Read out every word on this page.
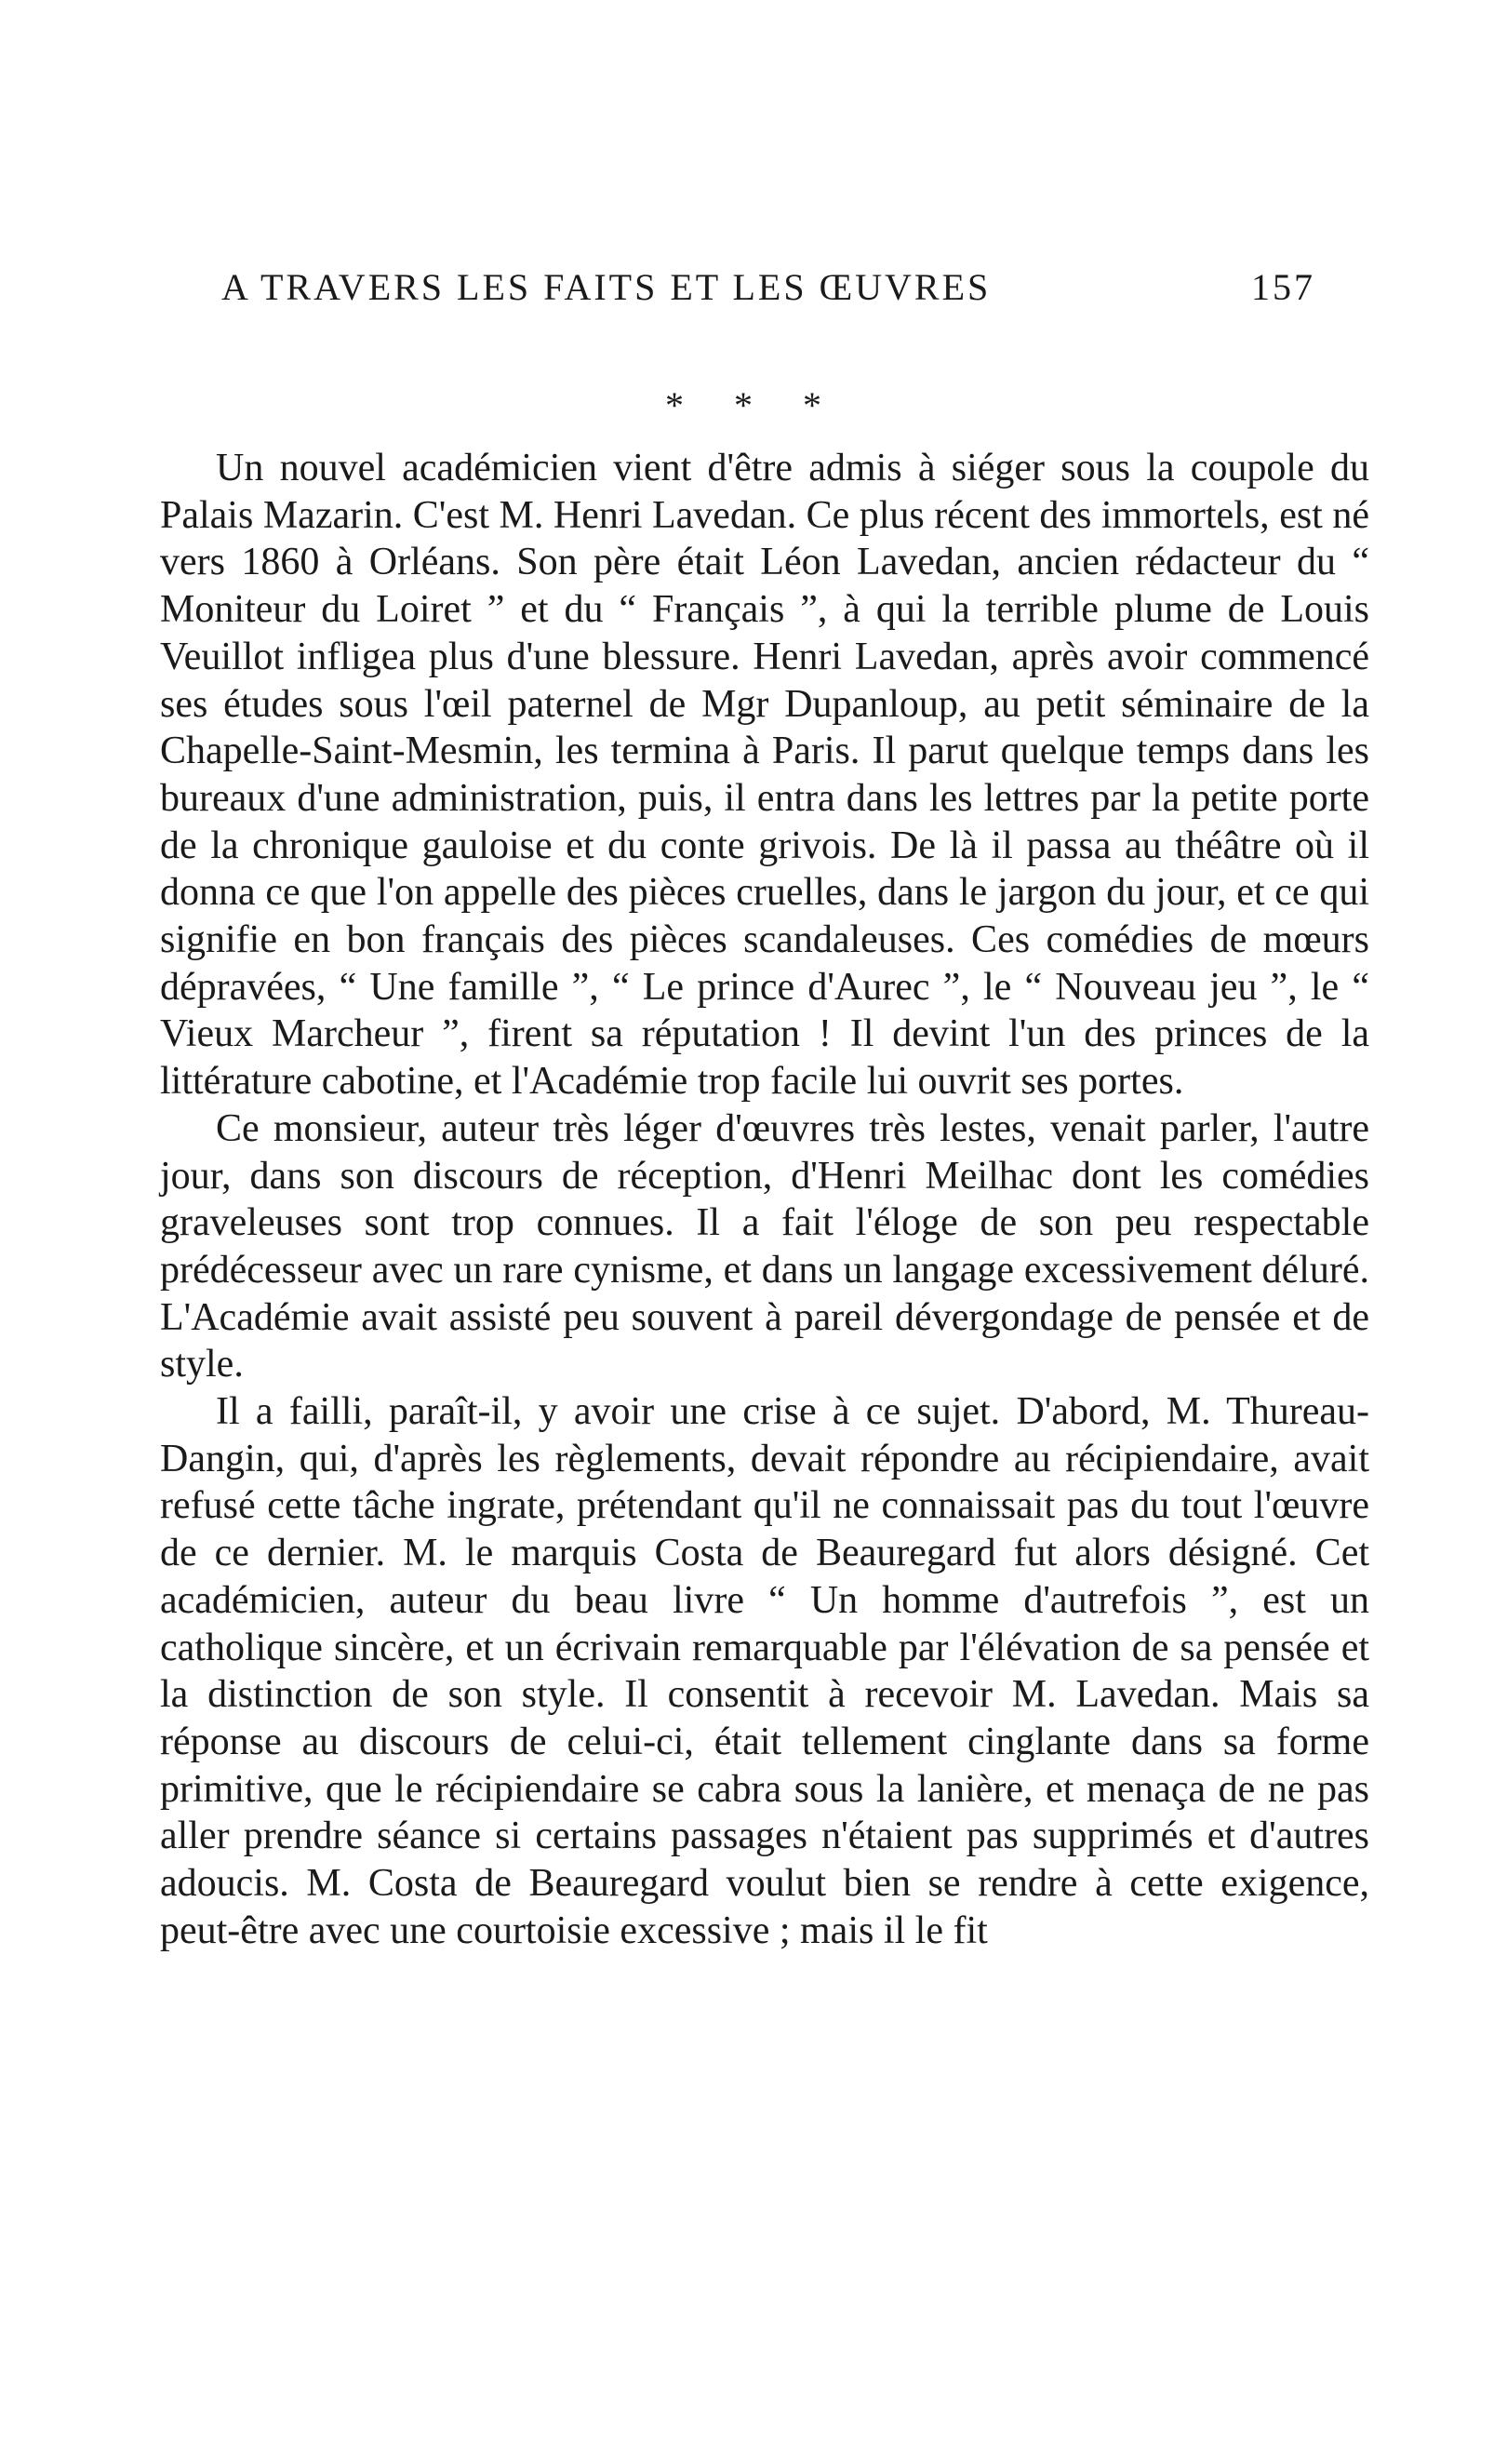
A TRAVERS LES FAITS ET LES ŒUVRES	157
* * *

Un nouvel académicien vient d'être admis à siéger sous la coupole du Palais Mazarin. C'est M. Henri Lavedan. Ce plus récent des immortels, est né vers 1860 à Orléans. Son père était Léon Lavedan, ancien rédacteur du “ Moniteur du Loiret ” et du “ Français ”, à qui la terrible plume de Louis Veuillot infligea plus d'une blessure. Henri Lavedan, après avoir commencé ses études sous l'œil paternel de Mgr Dupanloup, au petit séminaire de la Chapelle-Saint-Mesmin, les termina à Paris. Il parut quelque temps dans les bureaux d'une administration, puis, il entra dans les lettres par la petite porte de la chronique gauloise et du conte grivois. De là il passa au théâtre où il donna ce que l'on appelle des pièces cruelles, dans le jargon du jour, et ce qui signifie en bon français des pièces scandaleuses. Ces comédies de mœurs dépravées, “ Une famille ”, “ Le prince d'Aurec ”, le “ Nouveau jeu ”, le “ Vieux Marcheur ”, firent sa réputation ! Il devint l'un des princes de la littérature cabotine, et l'Académie trop facile lui ouvrit ses portes.

Ce monsieur, auteur très léger d'œuvres très lestes, venait parler, l'autre jour, dans son discours de réception, d'Henri Meilhac dont les comédies graveleuses sont trop connues. Il a fait l'éloge de son peu respectable prédécesseur avec un rare cynisme, et dans un langage excessivement déluré. L'Académie avait assisté peu souvent à pareil dévergondage de pensée et de style.

Il a failli, paraît-il, y avoir une crise à ce sujet. D'abord, M. Thureau-Dangin, qui, d'après les règlements, devait répondre au récipiendaire, avait refusé cette tâche ingrate, prétendant qu'il ne connaissait pas du tout l'œuvre de ce dernier. M. le marquis Costa de Beauregard fut alors désigné. Cet académicien, auteur du beau livre “ Un homme d'autrefois ”, est un catholique sincère, et un écrivain remarquable par l'élévation de sa pensée et la distinction de son style. Il consentit à recevoir M. Lavedan. Mais sa réponse au discours de celui-ci, était tellement cinglante dans sa forme primitive, que le récipiendaire se cabra sous la lanière, et menaça de ne pas aller prendre séance si certains passages n'étaient pas supprimés et d'autres adoucis. M. Costa de Beauregard voulut bien se rendre à cette exigence, peut-être avec une courtoisie excessive ; mais il le fit
